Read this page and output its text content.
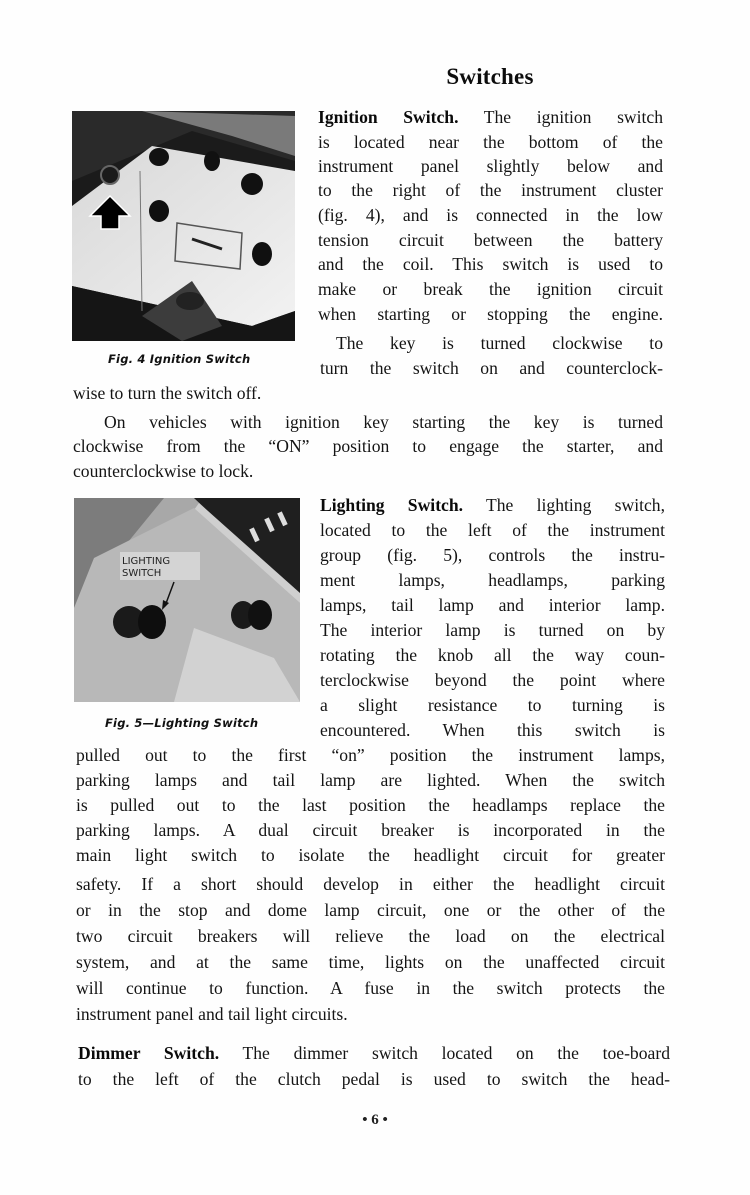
Switches
Fig. 4 Ignition Switch
Ignition Switch. The ignition switch
is located near the bottom of the
instrument panel slightly below and
to the right of the instrument cluster
(fig. 4), and is connected in the low
tension circuit between the battery
and the coil. This switch is used to
make or break the ignition circuit
when starting or stopping the engine.
The key is turned clockwise to
turn the switch on and counterclock-
wise to turn the switch off.
On vehicles with ignition key starting the key is turned
clockwise from the “ON” position to engage the starter, and
counterclockwise to lock.
LIGHTING
SWITCH
Fig. 5—Lighting Switch
Lighting Switch. The lighting switch,
located to the left of the instrument
group (fig. 5), controls the instru-
ment lamps, headlamps, parking
lamps, tail lamp and interior lamp.
The interior lamp is turned on by
rotating the knob all the way coun-
terclockwise beyond the point where
a slight resistance to turning is
encountered. When this switch is
pulled out to the first “on” position the instrument lamps,
parking lamps and tail lamp are lighted. When the switch
is pulled out to the last position the headlamps replace the
parking lamps. A dual circuit breaker is incorporated in the
main light switch to isolate the headlight circuit for greater
safety. If a short should develop in either the headlight circuit
or in the stop and dome lamp circuit, one or the other of the
two circuit breakers will relieve the load on the electrical
system, and at the same time, lights on the unaffected circuit
will continue to function. A fuse in the switch protects the
instrument panel and tail light circuits.
Dimmer Switch. The dimmer switch located on the toe-board
to the left of the clutch pedal is used to switch the head-
• 6 •
